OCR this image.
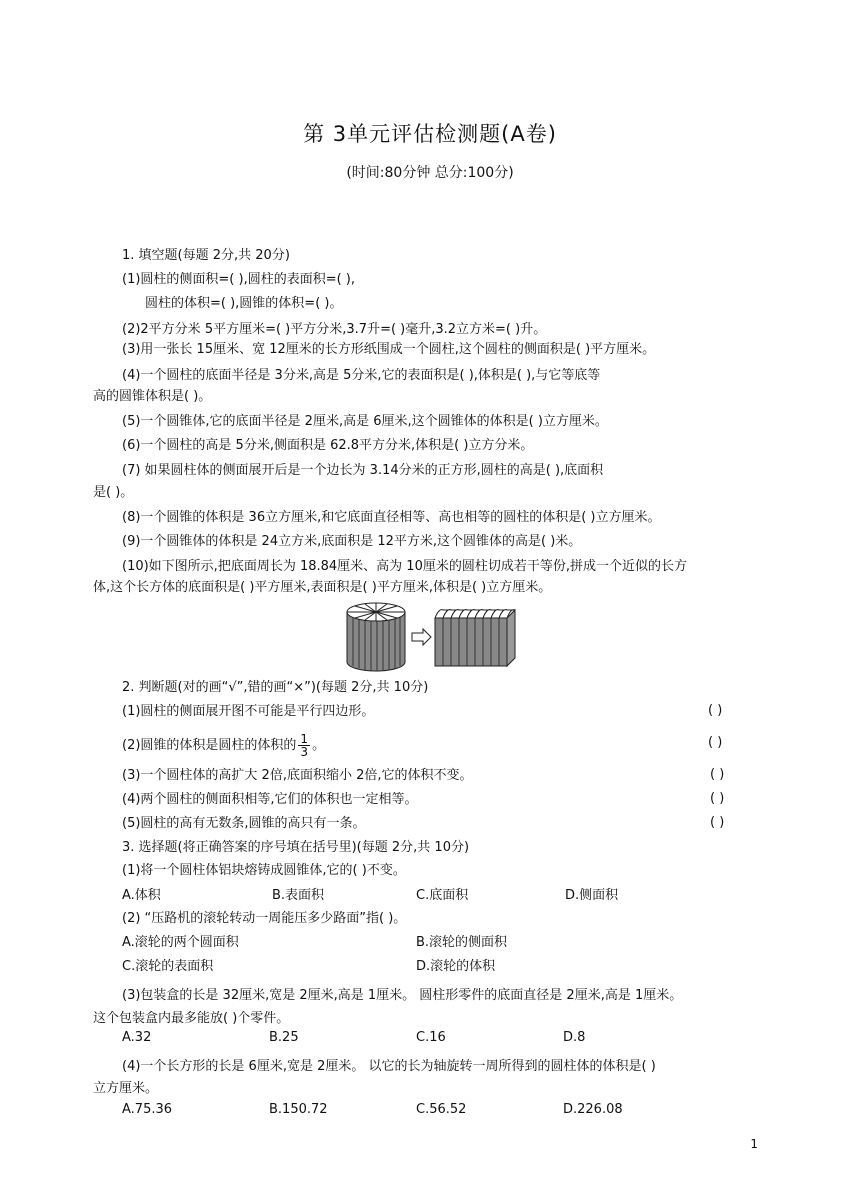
第 3单元评估检测题(A卷)
(时间:80分钟 总分:100分)
1. 填空题(每题 2分,共 20分)
(1)圆柱的侧面积=( ),圆柱的表面积=( ),
圆柱的体积=( ),圆锥的体积=( )。
(2)2平方分米 5平方厘米=( )平方分米,3.7升=( )毫升,3.2立方米=( )升。
(3)用一张长 15厘米、宽 12厘米的长方形纸围成一个圆柱,这个圆柱的侧面积是( )平方厘米。
(4)一个圆柱的底面半径是 3分米,高是 5分米,它的表面积是( ),体积是( ),与它等底等
高的圆锥体积是( )。
(5)一个圆锥体,它的底面半径是 2厘米,高是 6厘米,这个圆锥体的体积是( )立方厘米。
(6)一个圆柱的高是 5分米,侧面积是 62.8平方分米,体积是( )立方分米。
(7) 如果圆柱体的侧面展开后是一个边长为 3.14分米的正方形,圆柱的高是( ),底面积
是( )。
(8)一个圆锥的体积是 36立方厘米,和它底面直径相等、高也相等的圆柱的体积是( )立方厘米。
(9)一个圆锥体的体积是 24立方米,底面积是 12平方米,这个圆锥体的高是( )米。
(10)如下图所示,把底面周长为 18.84厘米、高为 10厘米的圆柱切成若干等份,拼成一个近似的长方
体,这个长方体的底面积是( )平方厘米,表面积是( )平方厘米,体积是( )立方厘米。
2. 判断题(对的画“√”,错的画“×”)(每题 2分,共 10分)
(1)圆柱的侧面展开图不可能是平行四边形。	( )
(2)圆锥的体积是圆柱的体积的 $\frac{1}{3}$ 。	( )
(3)一个圆柱体的高扩大 2倍,底面积缩小 2倍,它的体积不变。	( )
(4)两个圆柱的侧面积相等,它们的体积也一定相等。	( )
(5)圆柱的高有无数条,圆锥的高只有一条。	( )
3. 选择题(将正确答案的序号填在括号里)(每题 2分,共 10分)
(1)将一个圆柱体铝块熔铸成圆锥体,它的( )不变。
A.体积	B.表面积	C.底面积	D.侧面积
(2) “压路机的滚轮转动一周能压多少路面”指( )。
A.滚轮的两个圆面积	B.滚轮的侧面积
C.滚轮的表面积	D.滚轮的体积
(3)包装盒的长是 32厘米,宽是 2厘米,高是 1厘米。 圆柱形零件的底面直径是 2厘米,高是 1厘米。
这个包装盒内最多能放( )个零件。
A.32	B.25	C.16	D.8
(4)一个长方形的长是 6厘米,宽是 2厘米。 以它的长为轴旋转一周所得到的圆柱体的体积是( )
立方厘米。
A.75.36	B.150.72	C.56.52	D.226.08
1
